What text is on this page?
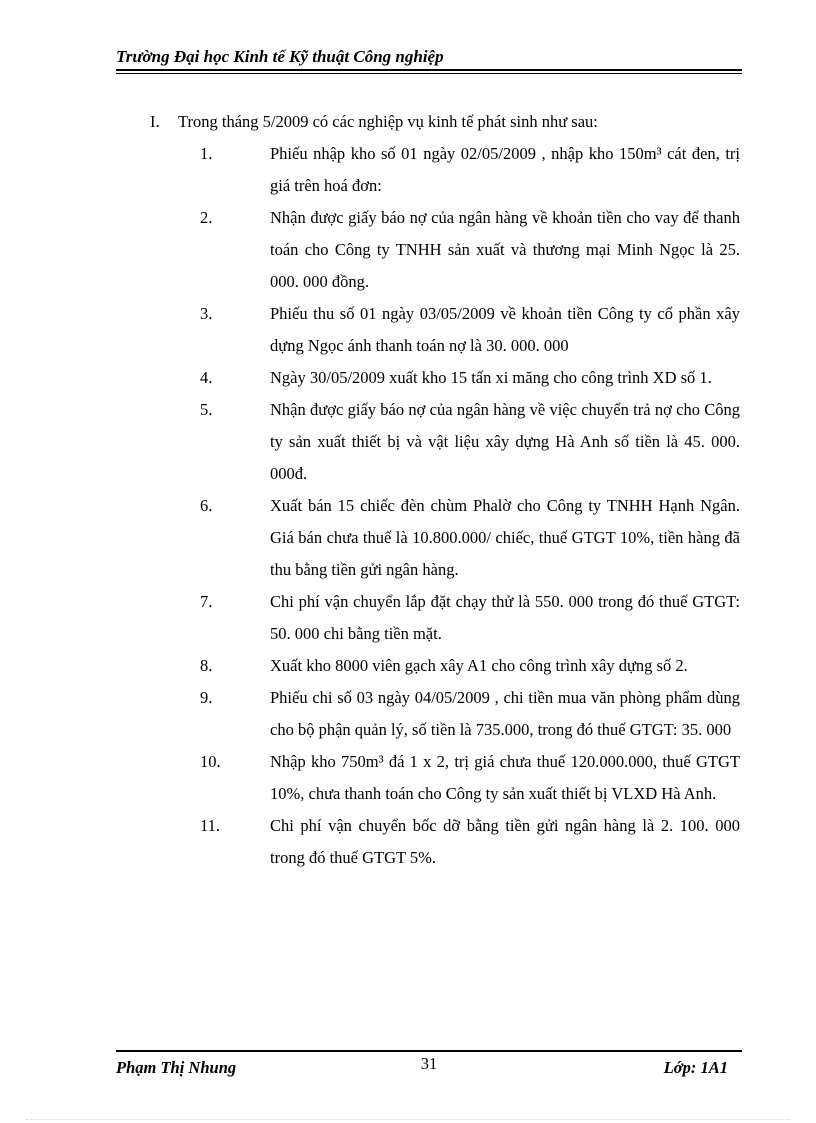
Trường Đại học Kinh tế Kỹ thuật Công nghiệp
I.	Trong tháng 5/2009 có các nghiệp vụ kinh tế phát sinh như sau:
1.	Phiếu nhập kho số 01 ngày 02/05/2009 , nhập kho 150m³ cát đen, trị giá trên hoá đơn:
2.	Nhận được giấy báo nợ của ngân hàng về khoản tiền cho vay để thanh toán cho Công ty TNHH sản xuất và thương mại Minh Ngọc là 25. 000. 000 đồng.
3.	Phiếu thu số 01 ngày 03/05/2009 về khoản tiền Công ty cổ phần xây dựng Ngọc ánh thanh toán nợ là 30. 000. 000
4.	Ngày 30/05/2009 xuất kho 15 tấn xi măng cho công trình XD số 1.
5.	Nhận được giấy báo nợ của ngân hàng về việc chuyển trả nợ cho Công ty sản xuất thiết bị và vật liệu xây dựng Hà Anh số tiền là 45. 000. 000đ.
6.	Xuất bán 15 chiếc đèn chùm Phalờ cho Công ty TNHH Hạnh Ngân. Giá bán chưa thuế là 10.800.000/ chiếc, thuế GTGT 10%, tiền hàng đã thu bằng tiền gửi ngân hàng.
7.	Chi phí vận chuyển lắp đặt chạy thử là 550. 000 trong đó thuế GTGT: 50. 000 chi bằng tiền mặt.
8.	Xuất kho 8000 viên gạch xây A1 cho công trình xây dựng số 2.
9.	Phiếu chi số 03 ngày 04/05/2009 , chi tiền mua văn phòng phẩm dùng cho bộ phận quản lý, số tiền là 735.000, trong đó thuế GTGT: 35. 000
10.	Nhập kho 750m³ đá 1 x 2, trị giá chưa thuế 120.000.000, thuế GTGT 10%, chưa thanh toán cho Công ty sản xuất thiết bị VLXD Hà Anh.
11.	Chi phí vận chuyển bốc dỡ bằng tiền gửi ngân hàng là 2. 100. 000 trong đó thuế GTGT 5%.
Phạm Thị Nhung	31	Lớp: 1A1
